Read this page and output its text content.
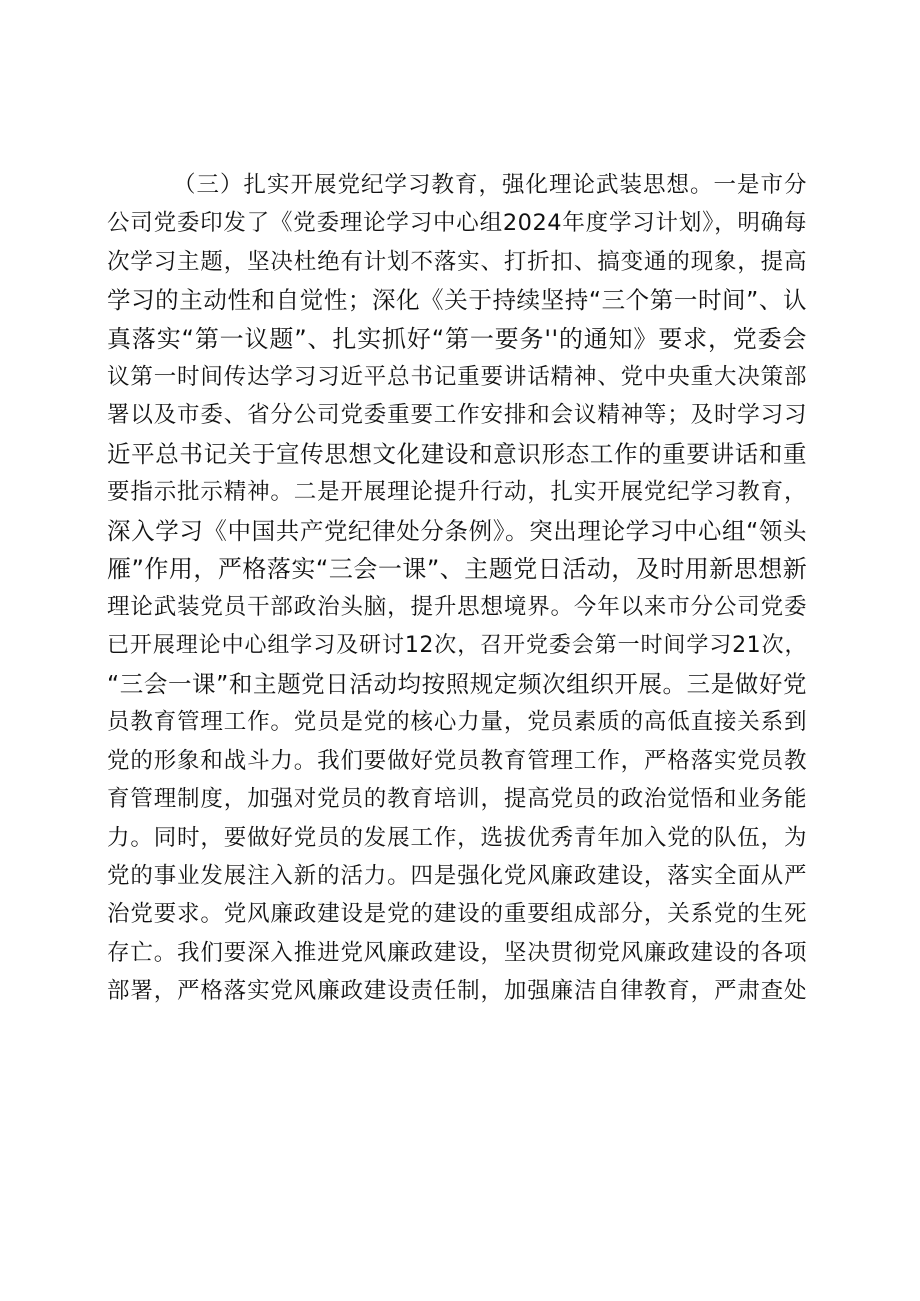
（三）扎实开展党纪学习教育，强化理论武装思想。一是市分
公司党委印发了《党委理论学习中心组2024年度学习计划》，明确每
次学习主题，坚决杜绝有计划不落实、打折扣、搞变通的现象，提高
学习的主动性和自觉性；深化《关于持续坚持“三个第一时间”、认
真落实“第一议题”、扎实抓好“第一要务''的通知》要求，党委会
议第一时间传达学习习近平总书记重要讲话精神、党中央重大决策部
署以及市委、省分公司党委重要工作安排和会议精神等；及时学习习
近平总书记关于宣传思想文化建设和意识形态工作的重要讲话和重
要指示批示精神。二是开展理论提升行动，扎实开展党纪学习教育，
深入学习《中国共产党纪律处分条例》。突出理论学习中心组“领头
雁”作用，严格落实“三会一课”、主题党日活动，及时用新思想新
理论武装党员干部政治头脑，提升思想境界。今年以来市分公司党委
已开展理论中心组学习及研讨12次，召开党委会第一时间学习21次，
“三会一课”和主题党日活动均按照规定频次组织开展。三是做好党
员教育管理工作。党员是党的核心力量，党员素质的高低直接关系到
党的形象和战斗力。我们要做好党员教育管理工作，严格落实党员教
育管理制度，加强对党员的教育培训，提高党员的政治觉悟和业务能
力。同时，要做好党员的发展工作，选拔优秀青年加入党的队伍，为
党的事业发展注入新的活力。四是强化党风廉政建设，落实全面从严
治党要求。党风廉政建设是党的建设的重要组成部分，关系党的生死
存亡。我们要深入推进党风廉政建设，坚决贯彻党风廉政建设的各项
部署，严格落实党风廉政建设责任制，加强廉洁自律教育，严肃查处
